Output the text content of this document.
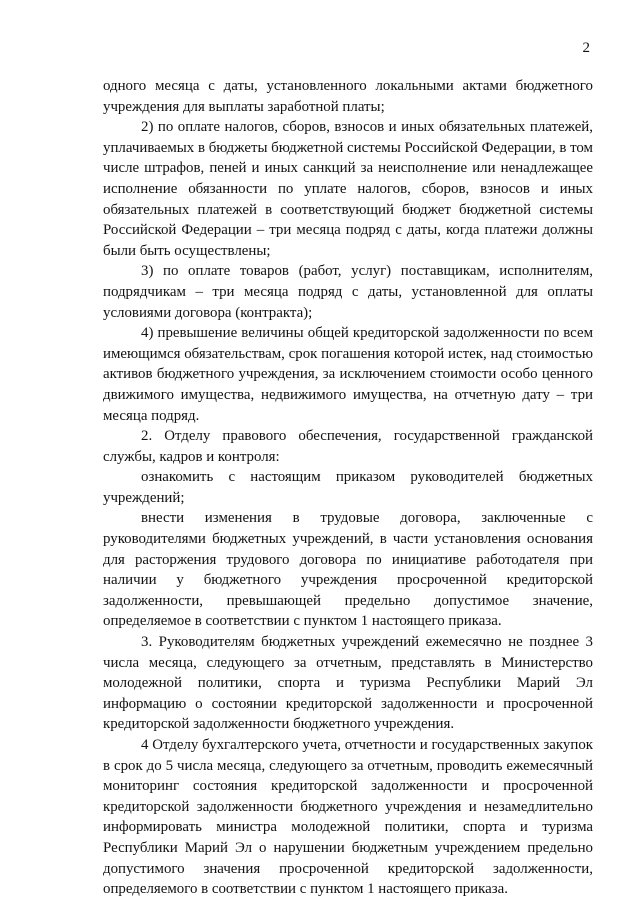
2

одного месяца с даты, установленного локальными актами бюджетного учреждения для выплаты заработной платы;

2) по оплате налогов, сборов, взносов и иных обязательных платежей, уплачиваемых в бюджеты бюджетной системы Российской Федерации, в том числе штрафов, пеней и иных санкций за неисполнение или ненадлежащее исполнение обязанности по уплате налогов, сборов, взносов и иных обязательных платежей в соответствующий бюджет бюджетной системы Российской Федерации – три месяца подряд с даты, когда платежи должны были быть осуществлены;

3) по оплате товаров (работ, услуг) поставщикам, исполнителям, подрядчикам – три месяца подряд с даты, установленной для оплаты условиями договора (контракта);

4) превышение величины общей кредиторской задолженности по всем имеющимся обязательствам, срок погашения которой истек, над стоимостью активов бюджетного учреждения, за исключением стоимости особо ценного движимого имущества, недвижимого имущества, на отчетную дату – три месяца подряд.

2. Отделу правового обеспечения, государственной гражданской службы, кадров и контроля:

ознакомить с настоящим приказом руководителей бюджетных учреждений;

внести изменения в трудовые договора, заключенные с руководителями бюджетных учреждений, в части установления основания для расторжения трудового договора по инициативе работодателя при наличии у бюджетного учреждения просроченной кредиторской задолженности, превышающей предельно допустимое значение, определяемое в соответствии с пунктом 1 настоящего приказа.

3. Руководителям бюджетных учреждений ежемесячно не позднее 3 числа месяца, следующего за отчетным, представлять в Министерство молодежной политики, спорта и туризма Республики Марий Эл информацию о состоянии кредиторской задолженности и просроченной кредиторской задолженности бюджетного учреждения.

4 Отделу бухгалтерского учета, отчетности и государственных закупок в срок до 5 числа месяца, следующего за отчетным, проводить ежемесячный мониторинг состояния кредиторской задолженности и просроченной кредиторской задолженности бюджетного учреждения и незамедлительно информировать министра молодежной политики, спорта и туризма Республики Марий Эл о нарушении бюджетным учреждением предельно допустимого значения просроченной кредиторской задолженности, определяемого в соответствии с пунктом 1 настоящего приказа.
